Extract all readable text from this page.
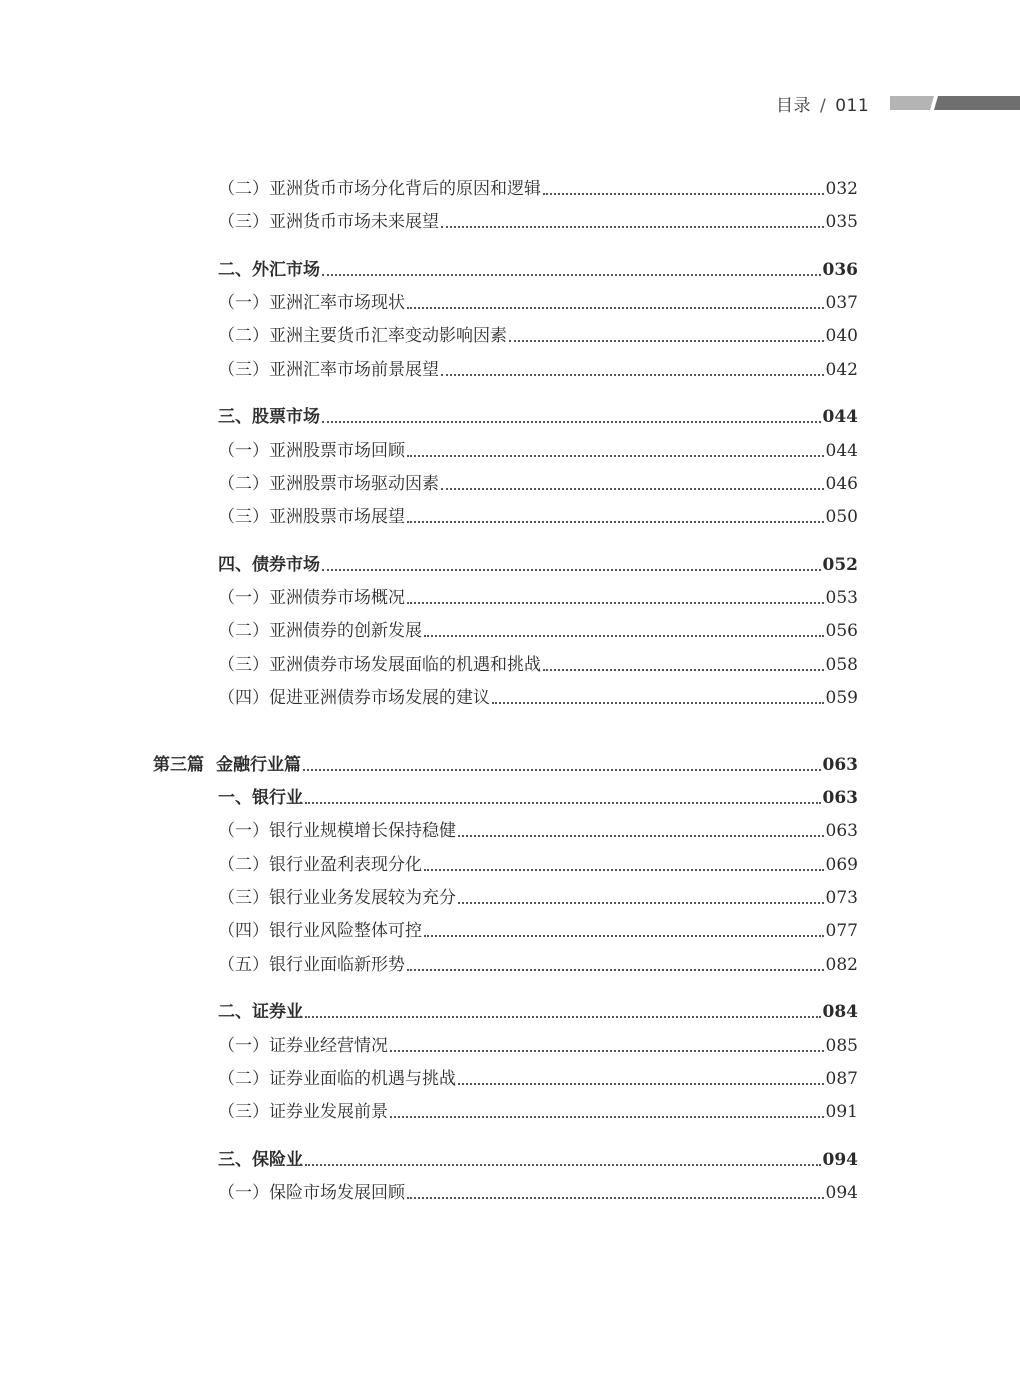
目录 / 011
（二）亚洲货币市场分化背后的原因和逻辑	032
（三）亚洲货币市场未来展望	035
二、外汇市场	036
（一）亚洲汇率市场现状	037
（二）亚洲主要货币汇率变动影响因素	040
（三）亚洲汇率市场前景展望	042
三、股票市场	044
（一）亚洲股票市场回顾	044
（二）亚洲股票市场驱动因素	046
（三）亚洲股票市场展望	050
四、债券市场	052
（一）亚洲债券市场概况	053
（二）亚洲债券的创新发展	056
（三）亚洲债券市场发展面临的机遇和挑战	058
（四）促进亚洲债券市场发展的建议	059
第三篇 金融行业篇	063
一、银行业	063
（一）银行业规模增长保持稳健	063
（二）银行业盈利表现分化	069
（三）银行业业务发展较为充分	073
（四）银行业风险整体可控	077
（五）银行业面临新形势	082
二、证券业	084
（一）证券业经营情况	085
（二）证券业面临的机遇与挑战	087
（三）证券业发展前景	091
三、保险业	094
（一）保险市场发展回顾	094
